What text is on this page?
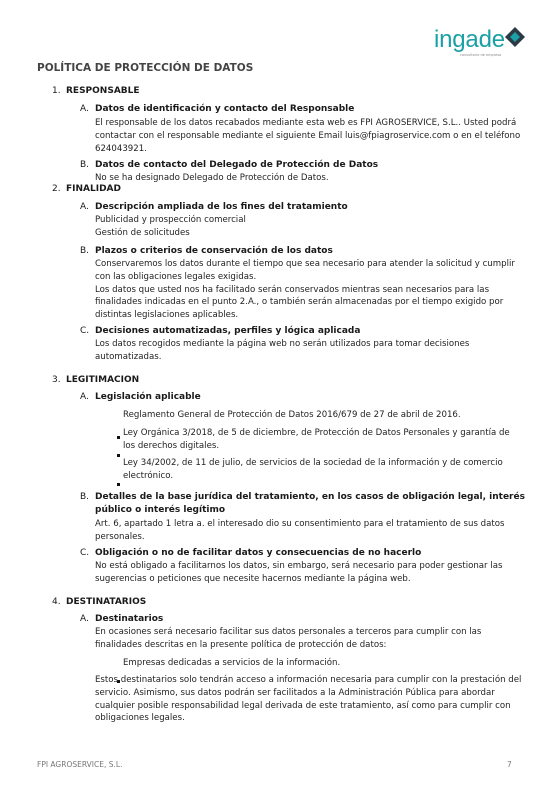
ingade
consultoría de empresa
POLÍTICA DE PROTECCIÓN DE DATOS
1. RESPONSABLE
A. Datos de identificación y contacto del Responsable
El responsable de los datos recabados mediante esta web es FPI AGROSERVICE, S.L.. Usted podrá
contactar con el responsable mediante el siguiente Email luis@fpiagroservice.com o en el teléfono
624043921.
B. Datos de contacto del Delegado de Protección de Datos
No se ha designado Delegado de Protección de Datos.
2. FINALIDAD
A. Descripción ampliada de los fines del tratamiento
Publicidad y prospección comercial
Gestión de solicitudes
B. Plazos o criterios de conservación de los datos
Conservaremos los datos durante el tiempo que sea necesario para atender la solicitud y cumplir
con las obligaciones legales exigidas.
Los datos que usted nos ha facilitado serán conservados mientras sean necesarios para las
finalidades indicadas en el punto 2.A., o también serán almacenadas por el tiempo exigido por
distintas legislaciones aplicables.
C. Decisiones automatizadas, perfiles y lógica aplicada
Los datos recogidos mediante la página web no serán utilizados para tomar decisiones
automatizadas.
3. LEGITIMACION
A. Legislación aplicable
Reglamento General de Protección de Datos 2016/679 de 27 de abril de 2016.
Ley Orgánica 3/2018, de 5 de diciembre, de Protección de Datos Personales y garantía de
los derechos digitales.
Ley 34/2002, de 11 de julio, de servicios de la sociedad de la información y de comercio
electrónico.
B. Detalles de la base jurídica del tratamiento, en los casos de obligación legal, interés
público o interés legítimo
Art. 6, apartado 1 letra a. el interesado dio su consentimiento para el tratamiento de sus datos
personales.
C. Obligación o no de facilitar datos y consecuencias de no hacerlo
No está obligado a facilitarnos los datos, sin embargo, será necesario para poder gestionar las
sugerencias o peticiones que necesite hacernos mediante la página web.
4. DESTINATARIOS
A. Destinatarios
En ocasiones será necesario facilitar sus datos personales a terceros para cumplir con las
finalidades descritas en la presente política de protección de datos:
Empresas dedicadas a servicios de la información.
Estos destinatarios solo tendrán acceso a información necesaria para cumplir con la prestación del
servicio. Asimismo, sus datos podrán ser facilitados a la Administración Pública para abordar
cualquier posible responsabilidad legal derivada de este tratamiento, así como para cumplir con
obligaciones legales.
FPI AGROSERVICE, S.L.	7
